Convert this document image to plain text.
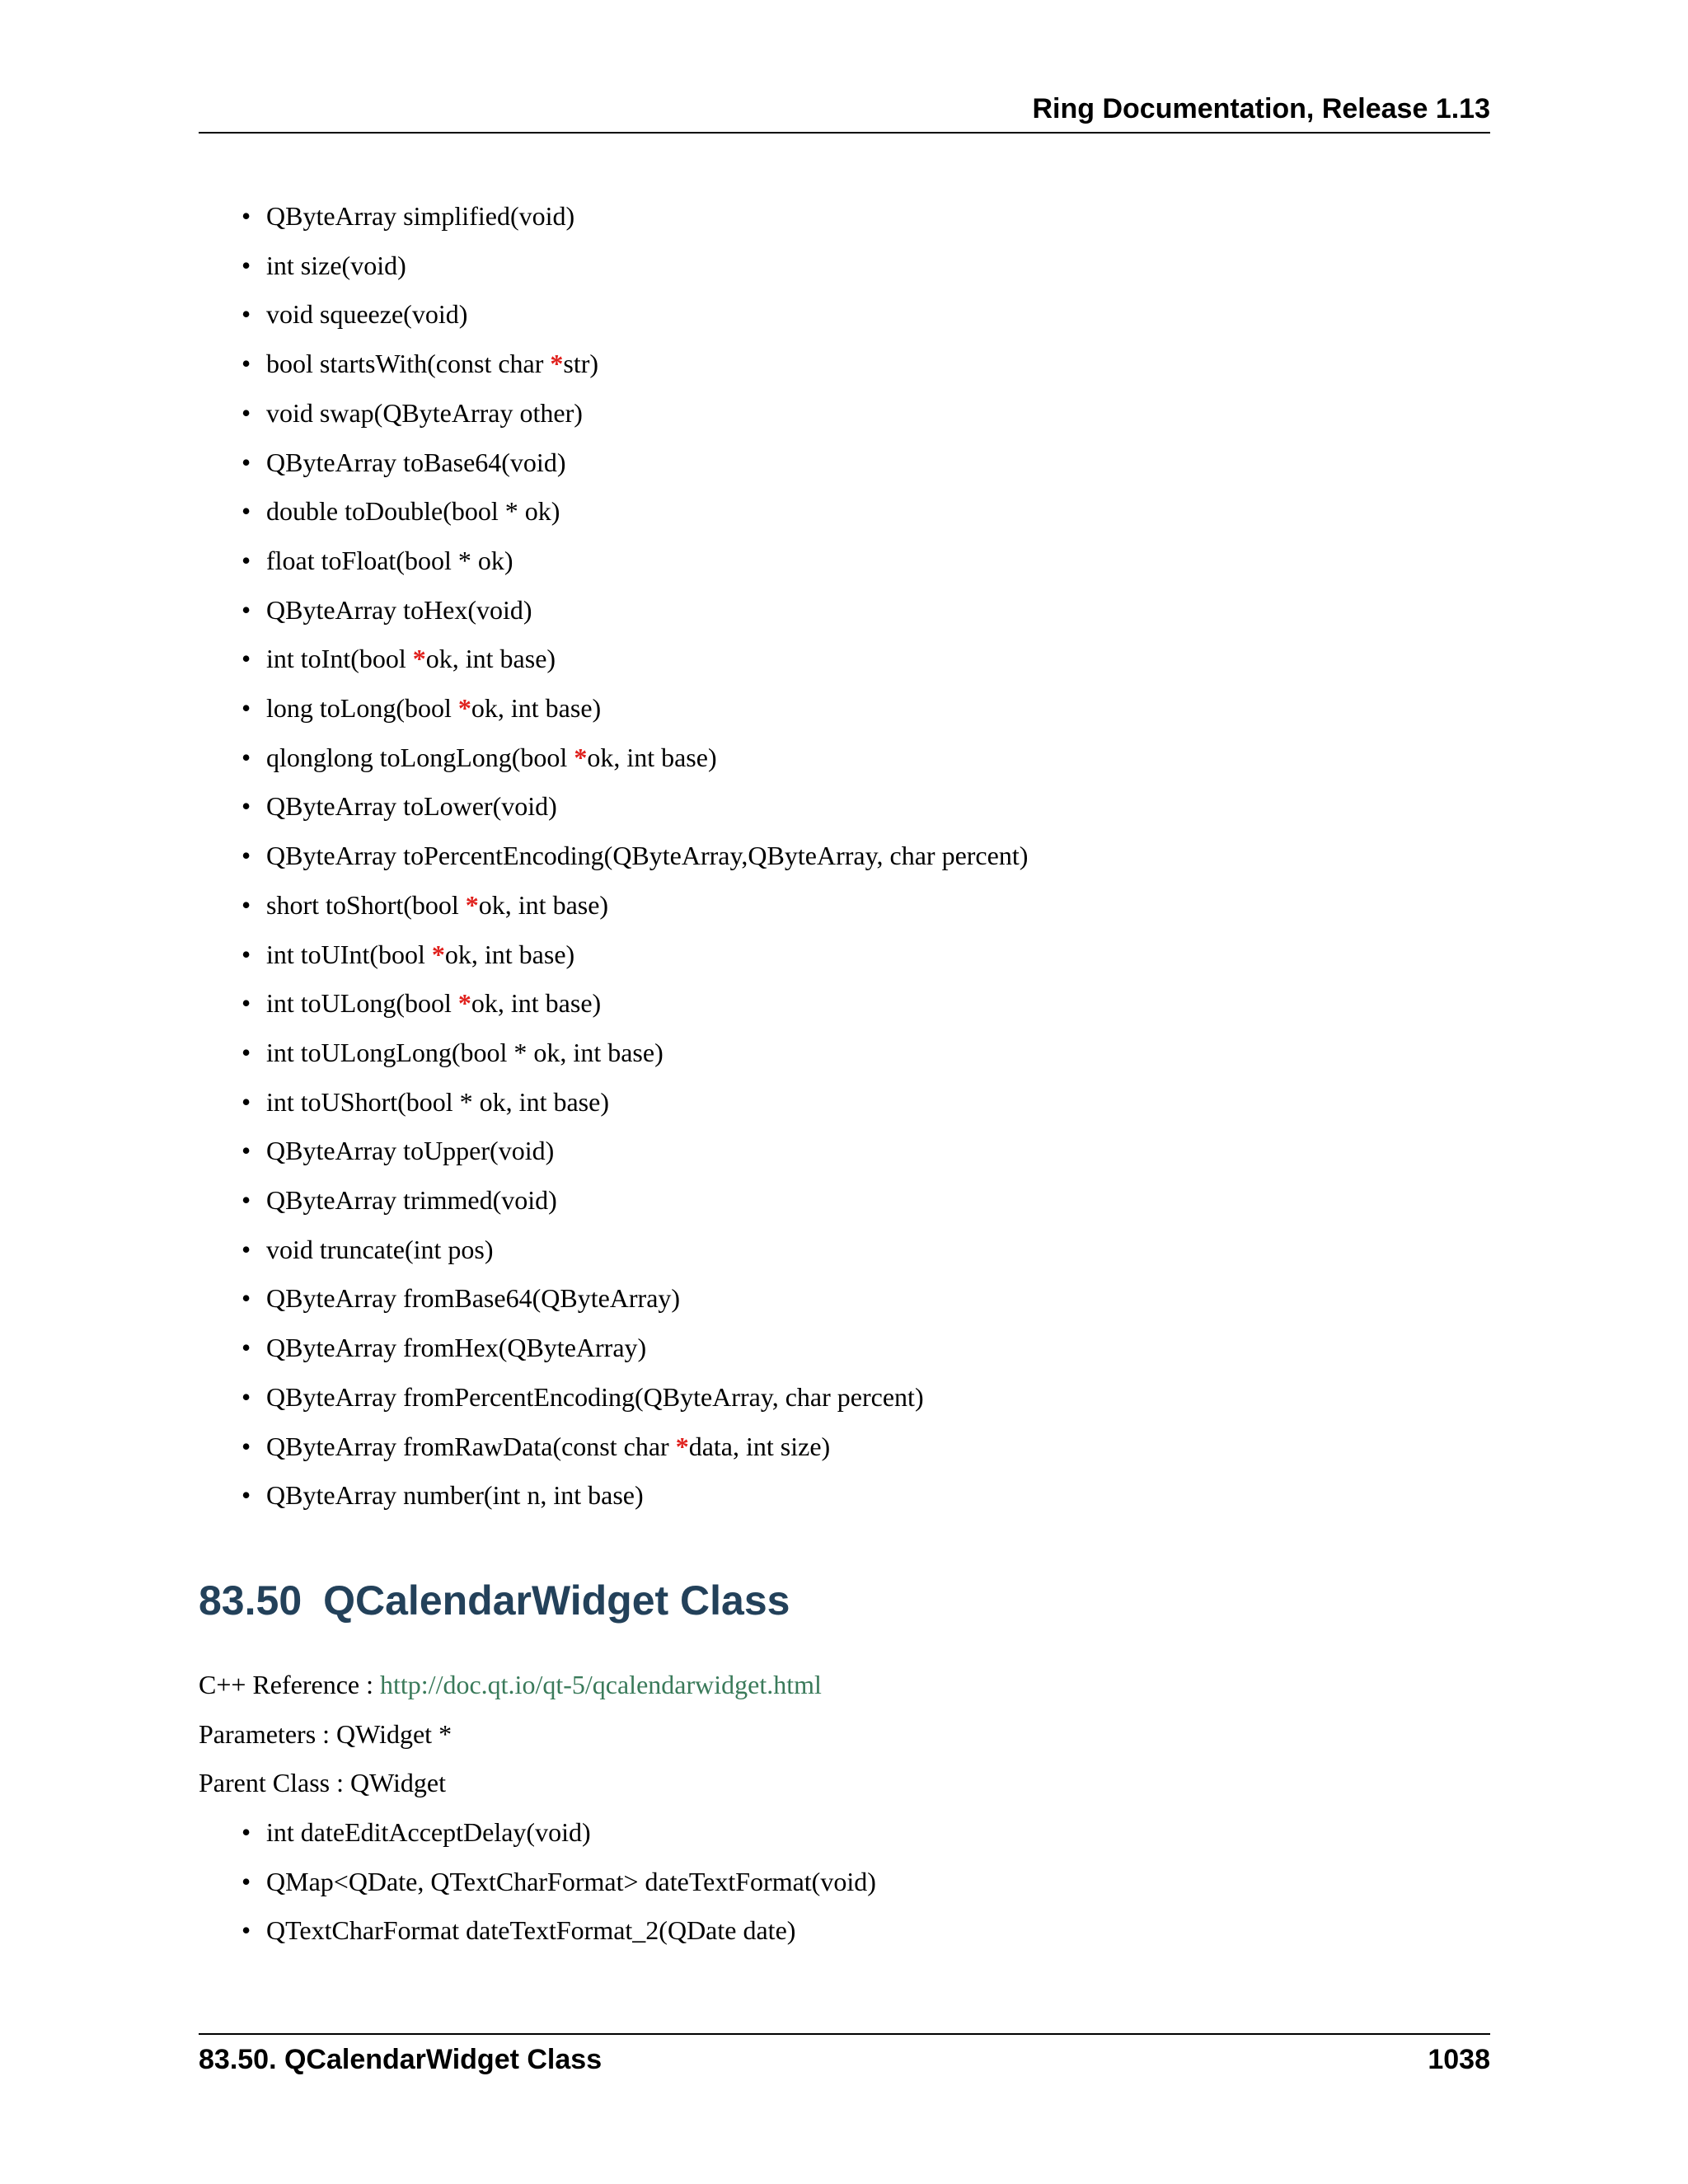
Ring Documentation, Release 1.13
• QByteArray simplified(void)
• int size(void)
• void squeeze(void)
• bool startsWith(const char *str)
• void swap(QByteArray other)
• QByteArray toBase64(void)
• double toDouble(bool * ok)
• float toFloat(bool * ok)
• QByteArray toHex(void)
• int toInt(bool *ok, int base)
• long toLong(bool *ok, int base)
• qlonglong toLongLong(bool *ok, int base)
• QByteArray toLower(void)
• QByteArray toPercentEncoding(QByteArray,QByteArray, char percent)
• short toShort(bool *ok, int base)
• int toUInt(bool *ok, int base)
• int toULong(bool *ok, int base)
• int toULongLong(bool * ok, int base)
• int toUShort(bool * ok, int base)
• QByteArray toUpper(void)
• QByteArray trimmed(void)
• void truncate(int pos)
• QByteArray fromBase64(QByteArray)
• QByteArray fromHex(QByteArray)
• QByteArray fromPercentEncoding(QByteArray, char percent)
• QByteArray fromRawData(const char *data, int size)
• QByteArray number(int n, int base)
83.50 QCalendarWidget Class
C++ Reference : http://doc.qt.io/qt-5/qcalendarwidget.html
Parameters : QWidget *
Parent Class : QWidget
• int dateEditAcceptDelay(void)
• QMap<QDate, QTextCharFormat> dateTextFormat(void)
• QTextCharFormat dateTextFormat_2(QDate date)
83.50. QCalendarWidget Class	1038
